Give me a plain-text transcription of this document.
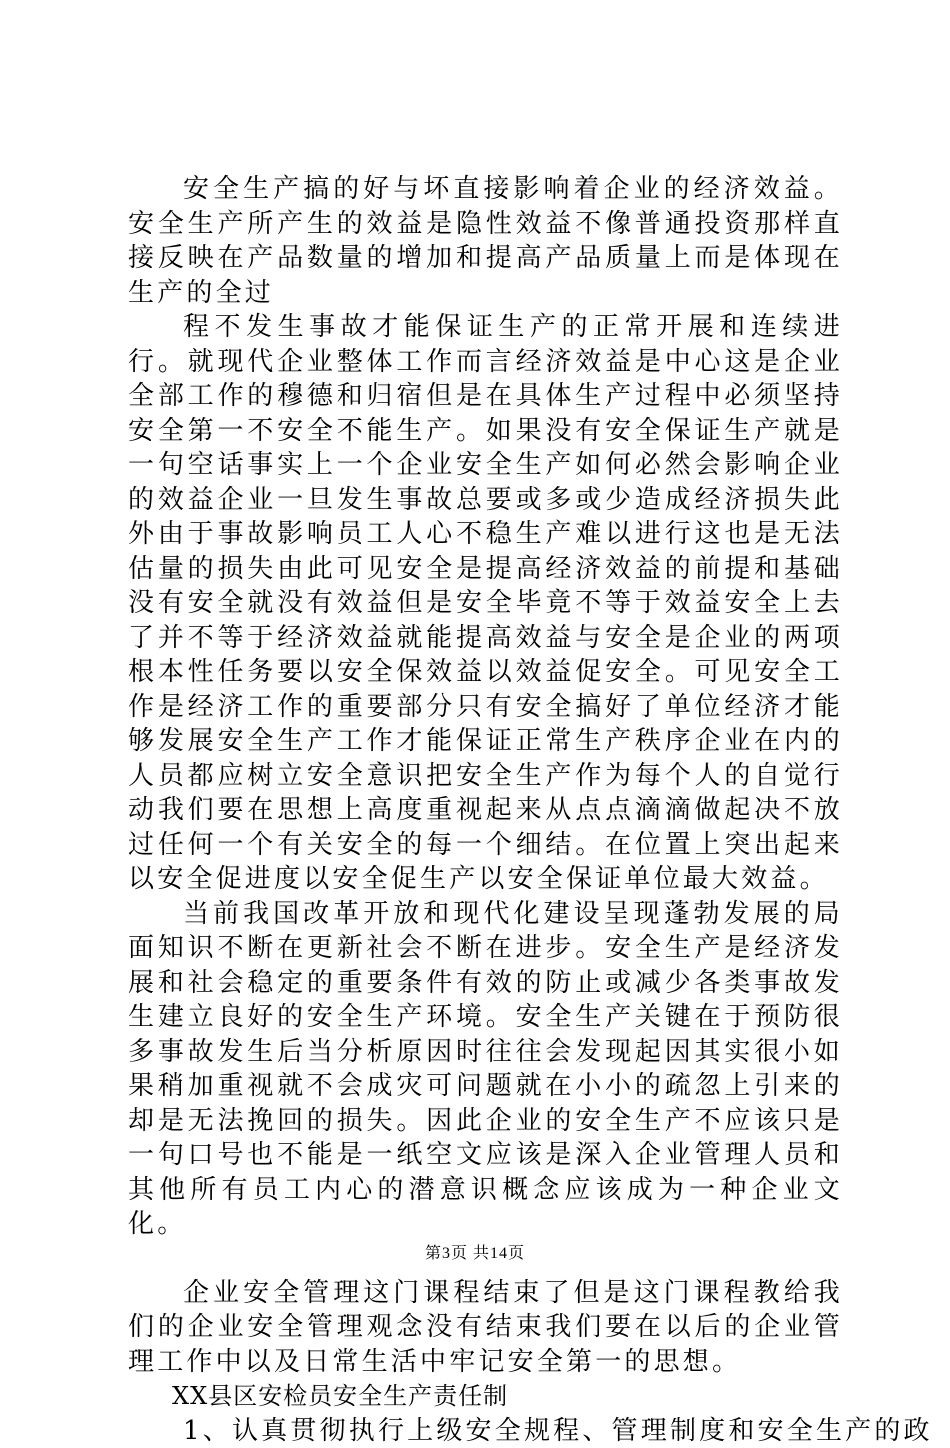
安全生产搞的好与坏直接影响着企业的经济效益。安全生产所产生的效益是隐性效益不像普通投资那样直接反映在产品数量的增加和提高产品质量上而是体现在生产的全过

程不发生事故才能保证生产的正常开展和连续进行。就现代企业整体工作而言经济效益是中心这是企业全部工作的穆德和归宿但是在具体生产过程中必须坚持安全第一不安全不能生产。如果没有安全保证生产就是一句空话事实上一个企业安全生产如何必然会影响企业的效益企业一旦发生事故总要或多或少造成经济损失此外由于事故影响员工人心不稳生产难以进行这也是无法估量的损失由此可见安全是提高经济效益的前提和基础没有安全就没有效益但是安全毕竟不等于效益安全上去了并不等于经济效益就能提高效益与安全是企业的两项根本性任务要以安全保效益以效益促安全。可见安全工作是经济工作的重要部分只有安全搞好了单位经济才能够发展安全生产工作才能保证正常生产秩序企业在内的人员都应树立安全意识把安全生产作为每个人的自觉行动我们要在思想上高度重视起来从点点滴滴做起决不放过任何一个有关安全的每一个细结。在位置上突出起来以安全促进度以安全促生产以安全保证单位最大效益。

当前我国改革开放和现代化建设呈现蓬勃发展的局面知识不断在更新社会不断在进步。安全生产是经济发展和社会稳定的重要条件有效的防止或减少各类事故发生建立良好的安全生产环境。安全生产关键在于预防很多事故发生后当分析原因时往往会发现起因其实很小如果稍加重视就不会成灾可问题就在小小的疏忽上引来的却是无法挽回的损失。因此企业的安全生产不应该只是一句口号也不能是一纸空文应该是深入企业管理人员和其他所有员工内心的潜意识概念应该成为一种企业文化。

企业安全管理这门课程结束了但是这门课程教给我们的企业安全管理观念没有结束我们要在以后的企业管理工作中以及日常生活中牢记安全第一的思想。

XX县区安检员安全生产责任制

1、认真贯彻执行上级安全规程、管理制度和安全生产的政

第3页 共14页
